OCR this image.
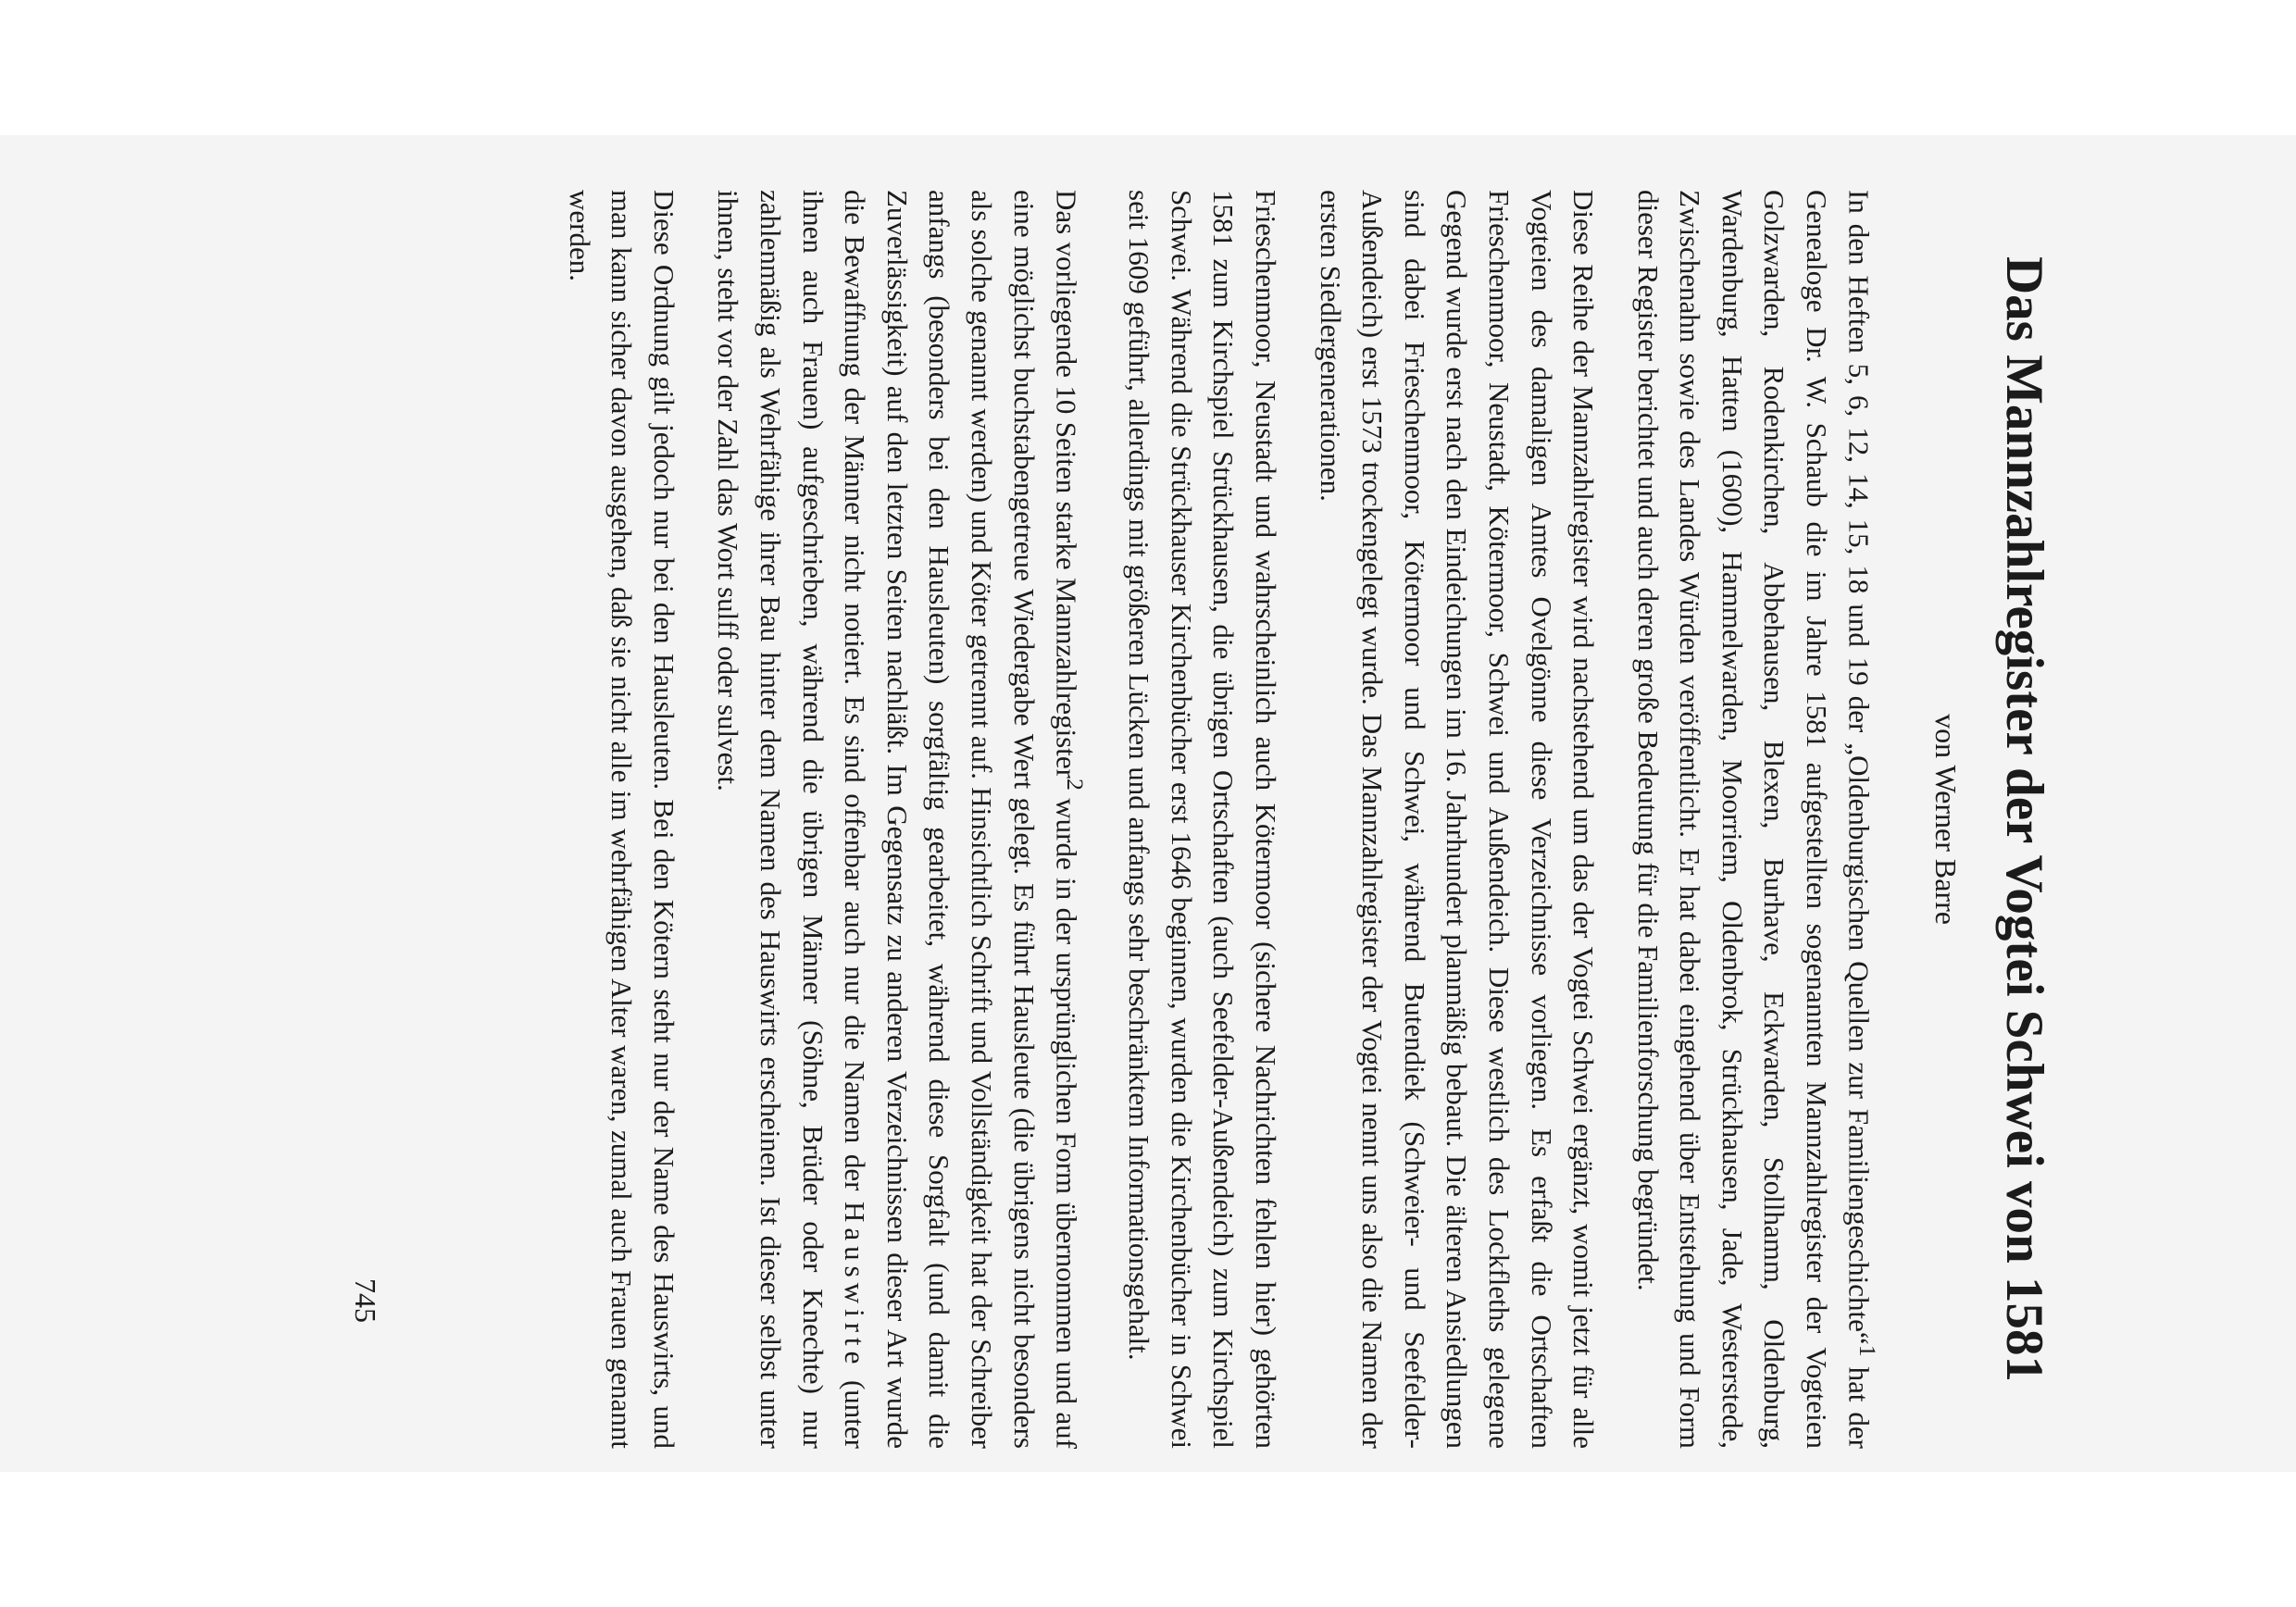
Das Mannzahlregister der Vogtei Schwei von 1581
von Werner Barre

In den Heften 5, 6, 12, 14, 15, 18 und 19 der „Oldenburgischen Quellen zur Familiengeschichte“$^1$ hat der Genealoge Dr. W. Schaub die im Jahre 1581 aufgestellten sogenannten Mannzahlregister der Vogteien Golzwarden, Rodenkirchen, Abbehausen, Blexen, Burhave, Eckwarden, Stollhamm, Oldenburg, Wardenburg, Hatten (1600), Hammelwarden, Moorriem, Oldenbrok, Strückhausen, Jade, Westerstede, Zwischenahn sowie des Landes Würden veröffentlicht. Er hat dabei eingehend über Entstehung und Form dieser Register berichtet und auch deren große Bedeutung für die Familienforschung begründet.

Diese Reihe der Mannzahlregister wird nachstehend um das der Vogtei Schwei ergänzt, womit jetzt für alle Vogteien des damaligen Amtes Ovelgönne diese Verzeichnisse vorliegen. Es erfaßt die Ortschaften Frieschenmoor, Neustadt, Kötermoor, Schwei und Außendeich. Diese westlich des Lockfleths gelegene Gegend wurde erst nach den Eindeichungen im 16. Jahrhundert planmäßig bebaut. Die älteren Ansiedlungen sind dabei Frieschenmoor, Kötermoor und Schwei, während Butendiek (Schweier- und Seefelder-Außendeich) erst 1573 trockengelegt wurde. Das Mannzahlregister der Vogtei nennt uns also die Namen der ersten Siedlergenerationen.

Frieschenmoor, Neustadt und wahrscheinlich auch Kötermoor (sichere Nachrichten fehlen hier) gehörten 1581 zum Kirchspiel Strückhausen, die übrigen Ortschaften (auch Seefelder-Außendeich) zum Kirchspiel Schwei. Während die Strückhauser Kirchenbücher erst 1646 beginnen, wurden die Kirchenbücher in Schwei seit 1609 geführt, allerdings mit größeren Lücken und anfangs sehr beschränktem Informationsgehalt.

Das vorliegende 10 Seiten starke Mannzahlregister$^2$ wurde in der ursprünglichen Form übernommen und auf eine möglichst buchstabengetreue Wiedergabe Wert gelegt. Es führt Hausleute (die übrigens nicht besonders als solche genannt werden) und Köter getrennt auf. Hinsichtlich Schrift und Vollständigkeit hat der Schreiber anfangs (besonders bei den Hausleuten) sorgfältig gearbeitet, während diese Sorgfalt (und damit die Zuverlässigkeit) auf den letzten Seiten nachläßt. Im Gegensatz zu anderen Verzeichnissen dieser Art wurde die Bewaffnung der Männer nicht notiert. Es sind offenbar auch nur die Namen der Hauswirte (unter ihnen auch Frauen) aufgeschrieben, während die übrigen Männer (Söhne, Brüder oder Knechte) nur zahlenmäßig als Wehrfähige ihrer Bau hinter dem Namen des Hauswirts erscheinen. Ist dieser selbst unter ihnen, steht vor der Zahl das Wort sulff oder sulvest.

Diese Ordnung gilt jedoch nur bei den Hausleuten. Bei den Kötern steht nur der Name des Hauswirts, und man kann sicher davon ausgehen, daß sie nicht alle im wehrfähigen Alter waren, zumal auch Frauen genannt werden.

745
